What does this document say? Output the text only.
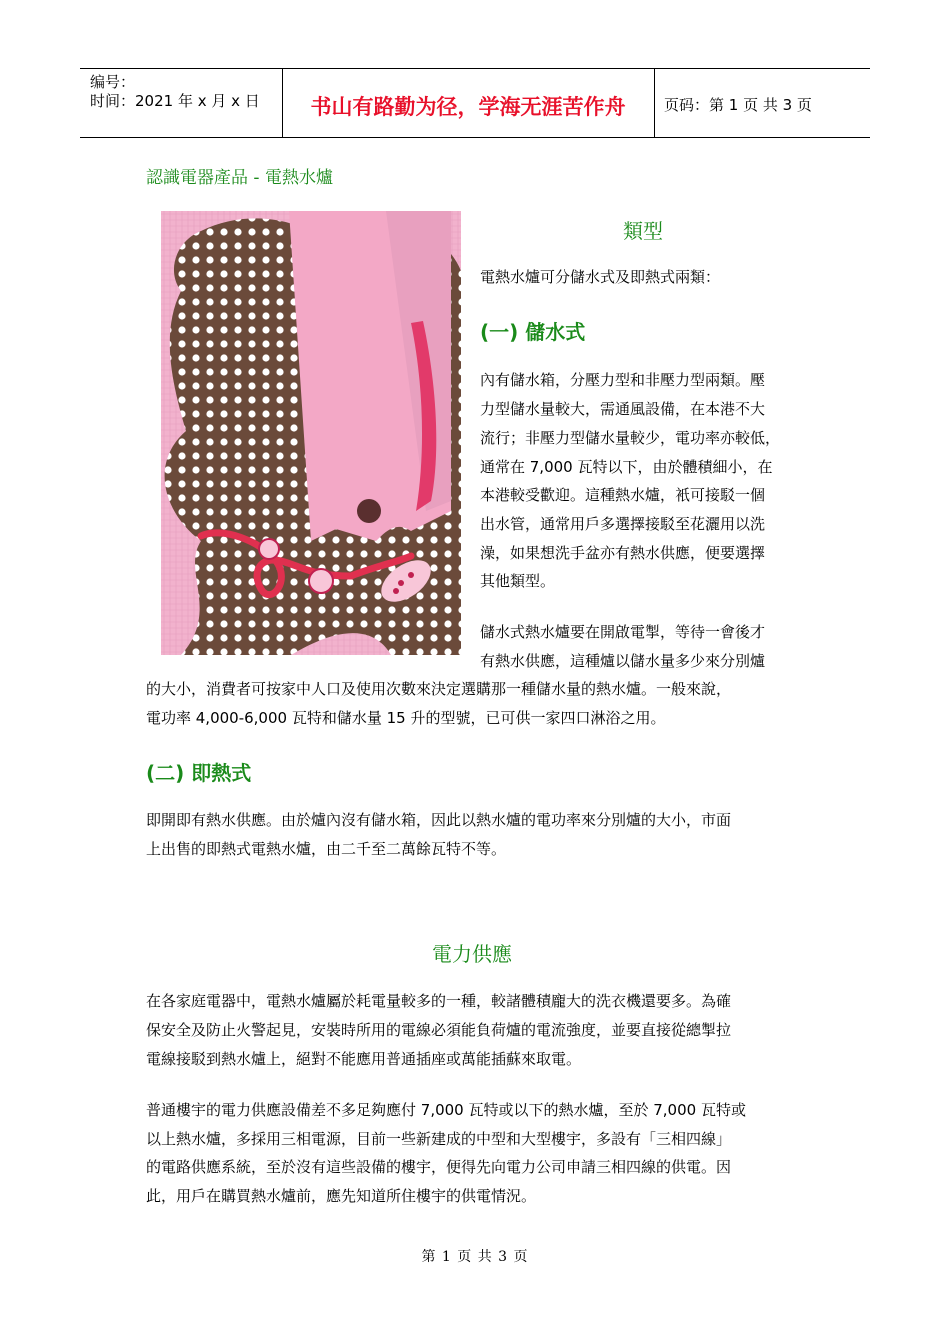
编号：
时间：2021 年 x 月 x 日	书山有路勤为径，学海无涯苦作舟	页码：第 1 页 共 3 页
認識電器產品 - 電熱水爐
類型

電熱水爐可分儲水式及即熱式兩類：

(一) 儲水式

內有儲水箱，分壓力型和非壓力型兩類。壓

力型儲水量較大，需通風設備，在本港不大

流行；非壓力型儲水量較少，電功率亦較低，

通常在 7,000 瓦特以下，由於體積細小，在

本港較受歡迎。這種熱水爐，衹可接駁一個

出水管，通常用戶多選擇接駁至花灑用以洗

澡，如果想洗手盆亦有熱水供應，便要選擇

其他類型。

儲水式熱水爐要在開啟電掣，等待一會後才

有熱水供應，這種爐以儲水量多少來分別爐

的大小，消費者可按家中人口及使用次數來決定選購那一種儲水量的熱水爐。一般來說，

電功率 4,000-6,000 瓦特和儲水量 15 升的型號，已可供一家四口淋浴之用。

(二) 即熱式

即開即有熱水供應。由於爐內沒有儲水箱，因此以熱水爐的電功率來分別爐的大小，市面

上出售的即熱式電熱水爐，由二千至二萬餘瓦特不等。

電力供應

在各家庭電器中，電熱水爐屬於耗電量較多的一種，較諸體積龐大的洗衣機還要多。為確

保安全及防止火警起見，安裝時所用的電線必須能負荷爐的電流強度，並要直接從總掣拉

電線接駁到熱水爐上，絕對不能應用普通插座或萬能插蘇來取電。

普通樓宇的電力供應設備差不多足夠應付 7,000 瓦特或以下的熱水爐，至於 7,000 瓦特或

以上熱水爐，多採用三相電源，目前一些新建成的中型和大型樓宇，多設有「三相四線」

的電路供應系統，至於沒有這些設備的樓宇，便得先向電力公司申請三相四線的供電。因

此，用戶在購買熱水爐前，應先知道所住樓宇的供電情況。

第 1 页 共 3 页
